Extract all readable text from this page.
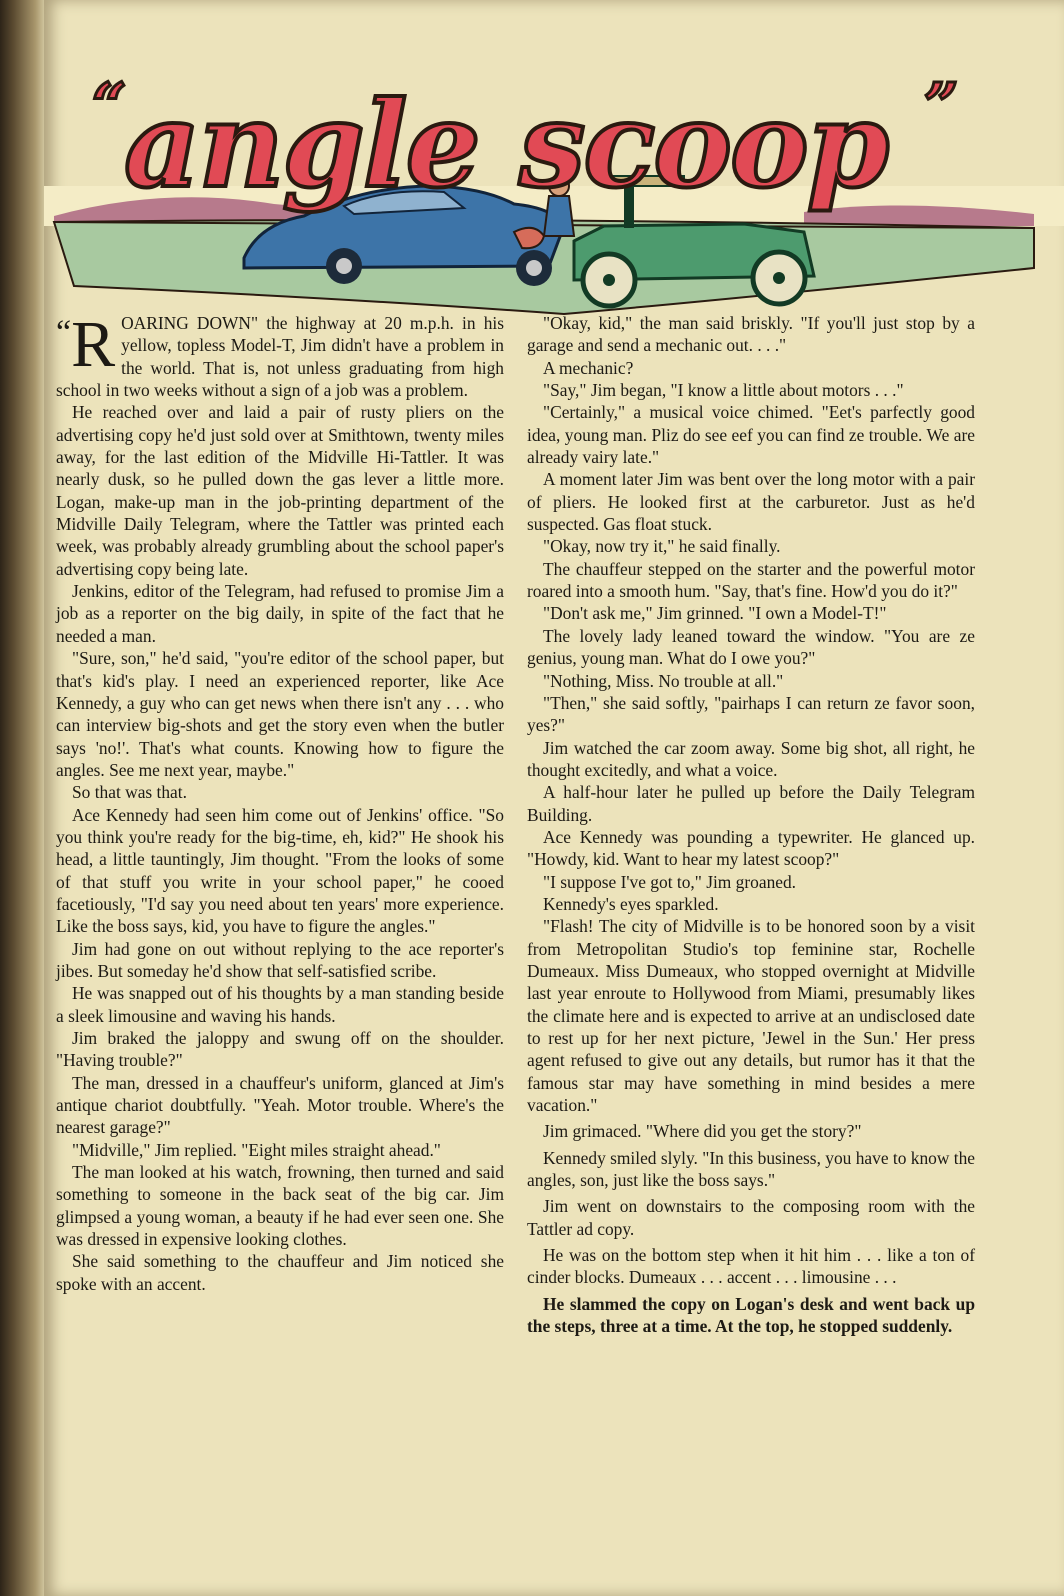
“
angle scoop ”

“R OARING DOWN" the highway at 20 m.p.h. in his yellow, topless Model-T, Jim didn't have a problem in the world. That is, not unless graduating from high school in two weeks without a sign of a job was a problem.

He reached over and laid a pair of rusty pliers on the advertising copy he'd just sold over at Smithtown, twenty miles away, for the last edition of the Midville Hi-Tattler. It was nearly dusk, so he pulled down the gas lever a little more. Logan, make-up man in the job-printing department of the Midville Daily Telegram, where the Tattler was printed each week, was probably already grumbling about the school paper's advertising copy being late.

Jenkins, editor of the Telegram, had refused to promise Jim a job as a reporter on the big daily, in spite of the fact that he needed a man.

"Sure, son," he'd said, "you're editor of the school paper, but that's kid's play. I need an experienced reporter, like Ace Kennedy, a guy who can get news when there isn't any . . . who can interview big-shots and get the story even when the butler says 'no!'. That's what counts. Knowing how to figure the angles. See me next year, maybe."

So that was that.

Ace Kennedy had seen him come out of Jenkins' office. "So you think you're ready for the big-time, eh, kid?" He shook his head, a little tauntingly, Jim thought. "From the looks of some of that stuff you write in your school paper," he cooed facetiously, "I'd say you need about ten years' more experience. Like the boss says, kid, you have to figure the angles."

Jim had gone on out without replying to the ace reporter's jibes. But someday he'd show that self-satisfied scribe.

He was snapped out of his thoughts by a man standing beside a sleek limousine and waving his hands.

Jim braked the jaloppy and swung off on the shoulder. "Having trouble?"

The man, dressed in a chauffeur's uniform, glanced at Jim's antique chariot doubtfully. "Yeah. Motor trouble. Where's the nearest garage?"

"Midville," Jim replied. "Eight miles straight ahead."

The man looked at his watch, frowning, then turned and said something to someone in the back seat of the big car. Jim glimpsed a young woman, a beauty if he had ever seen one. She was dressed in expensive looking clothes.

She said something to the chauffeur and Jim noticed she spoke with an accent.

"Okay, kid," the man said briskly. "If you'll just stop by a garage and send a mechanic out. . . ."

A mechanic?

"Say," Jim began, "I know a little about motors . . ."

"Certainly," a musical voice chimed. "Eet's parfectly good idea, young man. Pliz do see eef you can find ze trouble. We are already vairy late."

A moment later Jim was bent over the long motor with a pair of pliers. He looked first at the carburetor. Just as he'd suspected. Gas float stuck.

"Okay, now try it," he said finally.

The chauffeur stepped on the starter and the powerful motor roared into a smooth hum. "Say, that's fine. How'd you do it?"

"Don't ask me," Jim grinned. "I own a Model-T!"

The lovely lady leaned toward the window. "You are ze genius, young man. What do I owe you?"

"Nothing, Miss. No trouble at all."

"Then," she said softly, "pairhaps I can return ze favor soon, yes?"

Jim watched the car zoom away. Some big shot, all right, he thought excitedly, and what a voice.

A half-hour later he pulled up before the Daily Telegram Building.

Ace Kennedy was pounding a typewriter. He glanced up. "Howdy, kid. Want to hear my latest scoop?"

"I suppose I've got to," Jim groaned.

Kennedy's eyes sparkled.

"Flash! The city of Midville is to be honored soon by a visit from Metropolitan Studio's top feminine star, Rochelle Dumeaux. Miss Dumeaux, who stopped overnight at Midville last year enroute to Hollywood from Miami, presumably likes the climate here and is expected to arrive at an undisclosed date to rest up for her next picture, 'Jewel in the Sun.' Her press agent refused to give out any details, but rumor has it that the famous star may have something in mind besides a mere vacation."

Jim grimaced. "Where did you get the story?"

Kennedy smiled slyly. "In this business, you have to know the angles, son, just like the boss says."

Jim went on downstairs to the composing room with the Tattler ad copy.

He was on the bottom step when it hit him . . . like a ton of cinder blocks. Dumeaux . . . accent . . . limousine . . .

He slammed the copy on Logan's desk and went back up the steps, three at a time. At the top, he stopped suddenly.
